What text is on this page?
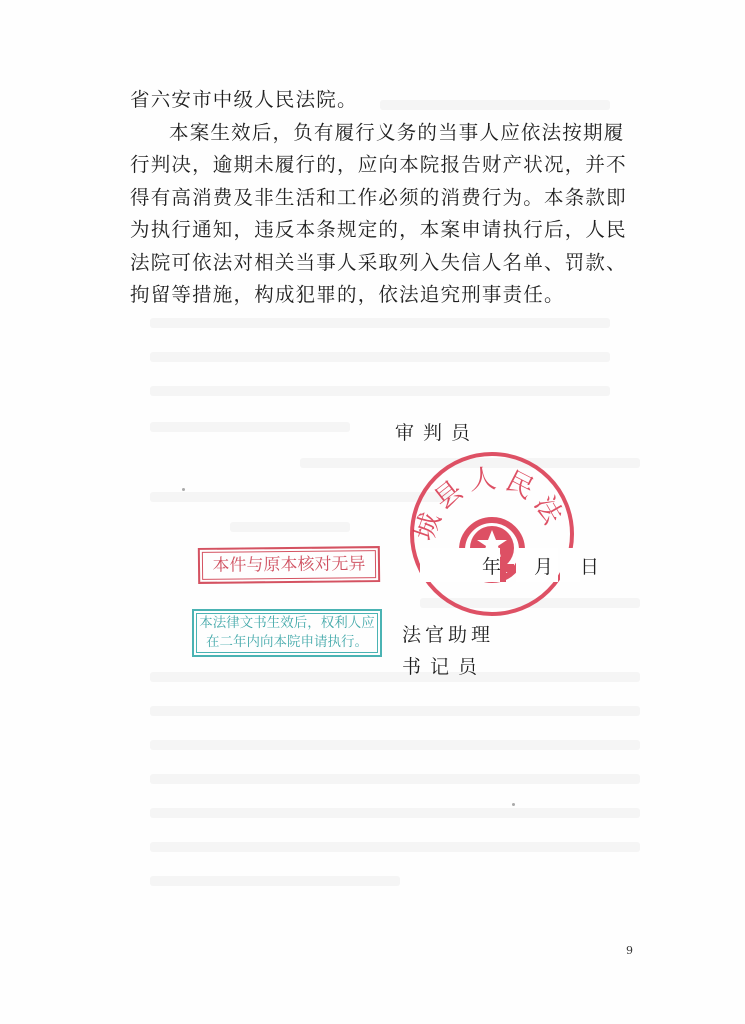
省六安市中级人民法院。

本案生效后，负有履行义务的当事人应依法按期履行判决，逾期未履行的，应向本院报告财产状况，并不得有高消费及非生活和工作必须的消费行为。本条款即为执行通知，违反本条规定的，本案申请执行后，人民法院可依法对相关当事人采取列入失信人名单、罚款、拘留等措施，构成犯罪的，依法追究刑事责任。

城县人民法
审判员
年 月 日
本件与原本核对无异
本法律文书生效后，权利人应在二年内向本院申请执行。	法官助理
书记员
9
